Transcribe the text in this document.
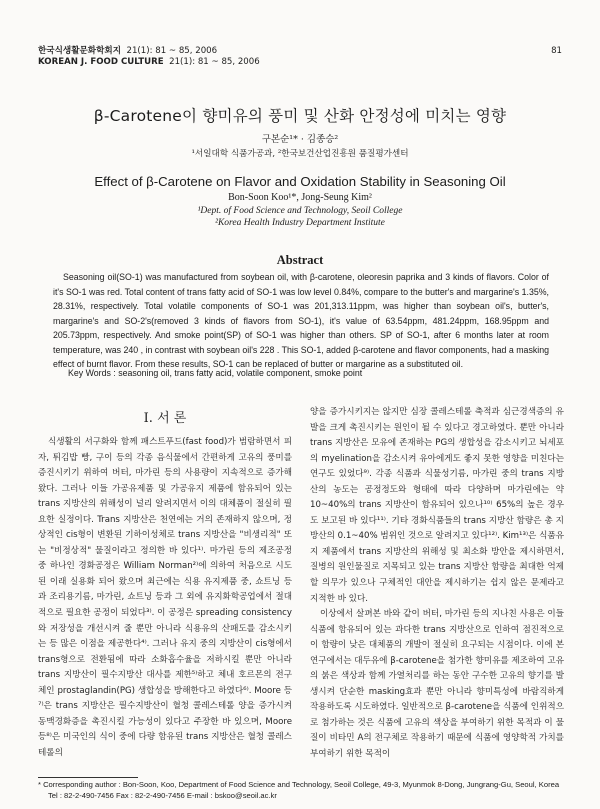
한국식생활문화학회지 21(1): 81 ~ 85, 2006
KOREAN J. FOOD CULTURE 21(1): 81 ~ 85, 2006
81
β-Carotene이 향미유의 풍미 및 산화 안정성에 미치는 영향
구본순¹* · 김종승²
¹서일대학 식품가공과, ²한국보건산업진흥원 품질평가센터
Effect of β-Carotene on Flavor and Oxidation Stability in Seasoning Oil
Bon-Soon Koo¹*, Jong-Seung Kim²
¹Dept. of Food Science and Technology, Seoil College
²Korea Health Industry Department Institute
Abstract
Seasoning oil(SO-1) was manufactured from soybean oil, with β-carotene, oleoresin paprika and 3 kinds of flavors. Color of it's SO-1 was red. Total content of trans fatty acid of SO-1 was low level 0.84%, compare to the butter's and margarine's 1.35%, 28.31%, respectively. Total volatile components of SO-1 was 201,313.11ppm, was higher than soybean oil's, butter's, margarine's and SO-2's(removed 3 kinds of flavors from SO-1), it's value of 63.54ppm, 481.24ppm, 168.95ppm and 205.73ppm, respectively. And smoke point(SP) of SO-1 was higher than others. SP of SO-1, after 6 months later at room temperature, was 240 , in contrast with soybean oil's 228 . This SO-1, added β-carotene and flavor components, had a masking effect of burnt flavor. From these results, SO-1 can be replaced of butter or margarine as a substituted oil.
Key Words : seasoning oil, trans fatty acid, volatile component, smoke point
I. 서 론

식생활의 서구화와 함께 패스트푸드(fast food)가 범람하면서 피자, 튀김밥 빵, 구이 등의 각종 음식물에서 간편하게 고유의 풍미를 증진시키기 위하여 버터, 마가린 등의 사용량이 지속적으로 증가해 왔다. 그러나 이들 가공유제품 및 가공유지 제품에 함유되어 있는 trans 지방산의 위해성이 널리 알려지면서 이의 대체품이 절실히 필요한 실정이다. Trans 지방산은 천연에는 거의 존재하지 않으며, 정상적인 cis형이 변환된 기하이성체로 trans 지방산을 "비생리적" 또는 "비정상적" 물질이라고 정의한 바 있다¹⁾. 마가린 등의 제조공정 중 하나인 경화공정은 William Norman²⁾에 의하여 처음으로 시도된 이래 실용화 되어 왔으며 최근에는 식용 유지제품 중, 쇼트닝 등과 조리용기름, 마가린, 쇼트닝 등과 그 외에 유지화학공업에서 절대적으로 필요한 공정이 되었다³⁾. 이 공정은 spreading consistency와 저장성을 개선시켜 줄 뿐만 아니라 식용유의 산패도를 감소시키는 등 많은 이점을 제공한다⁴⁾. 그러나 유지 중의 지방산이 cis형에서 trans형으로 전환됨에 따라 소화흡수율을 저하시킬 뿐만 아니라 trans 지방산이 필수지방산 대사를 제한⁵⁾하고 체내 호르몬의 전구체인 prostaglandin(PG) 생합성을 방해한다고 하였다⁶⁾. Moore 등⁷⁾은 trans 지방산은 필수지방산이 혈청 콜레스테롤 양을 증가시켜 동맥경화증을 촉진시킬 가능성이 있다고 주장한 바 있으며, Moore 등⁸⁾은 미국인의 식이 중에 다량 함유된 trans 지방산은 혈청 콜레스테롤의

양을 증가시키지는 않지만 심장 콜레스테롤 축적과 심근경색증의 유발을 크게 촉진시키는 원인이 될 수 있다고 경고하였다. 뿐만 아니라 trans 지방산은 모유에 존재하는 PG의 생합성을 감소시키고 뇌세포의 myelination을 감소시켜 유아에게도 좋지 못한 영향을 미친다는 연구도 있었다⁹⁾. 각종 식품과 식물성기름, 마가린 중의 trans 지방산의 농도는 공정정도와 형태에 따라 다양하며 마가린에는 약 10~40%의 trans 지방산이 함유되어 있으나¹⁰⁾ 65%의 높은 경우도 보고된 바 있다¹¹⁾. 기타 경화식품들의 trans 지방산 함량은 총 지방산의 0.1~40% 범위인 것으로 알려지고 있다¹²⁾. Kim¹³⁾은 식품유지 제품에서 trans 지방산의 위해성 및 최소화 방안을 제시하면서, 질병의 원인물질로 지목되고 있는 trans 지방산 함량을 최대한 억제할 의무가 있으나 구체적인 대안을 제시하기는 쉽지 않은 문제라고 지적한 바 있다.

이상에서 살펴본 바와 같이 버터, 마가린 등의 지나친 사용은 이들 식품에 함유되어 있는 과다한 trans 지방산으로 인하여 점진적으로 이 함량이 낮은 대체품의 개발이 절실히 요구되는 시점이다. 이에 본 연구에서는 대두유에 β-carotene을 첨가한 향미유를 제조하여 고유의 붉은 색상과 함께 가열처리를 하는 동안 구수한 고유의 향기를 발생시켜 단순한 masking효과 뿐만 아니라 향미특성에 바람직하게 작용하도록 시도하였다. 일반적으로 β-carotene을 식품에 인위적으로 첨가하는 것은 식품에 고유의 색상을 부여하기 위한 목적과 이 물질이 비타민 A의 전구체로 작용하기 때문에 식품에 영양학적 가치를 부여하기 위한 목적이

* Corresponding author : Bon-Soon, Koo, Department of Food Science and Technology, Seoil College, 49-3, Myunmok 8-Dong, Jungrang-Gu, Seoul, Korea
Tel : 82-2-490-7456 Fax : 82-2-490-7456 E-mail : bskoo@seoil.ac.kr
